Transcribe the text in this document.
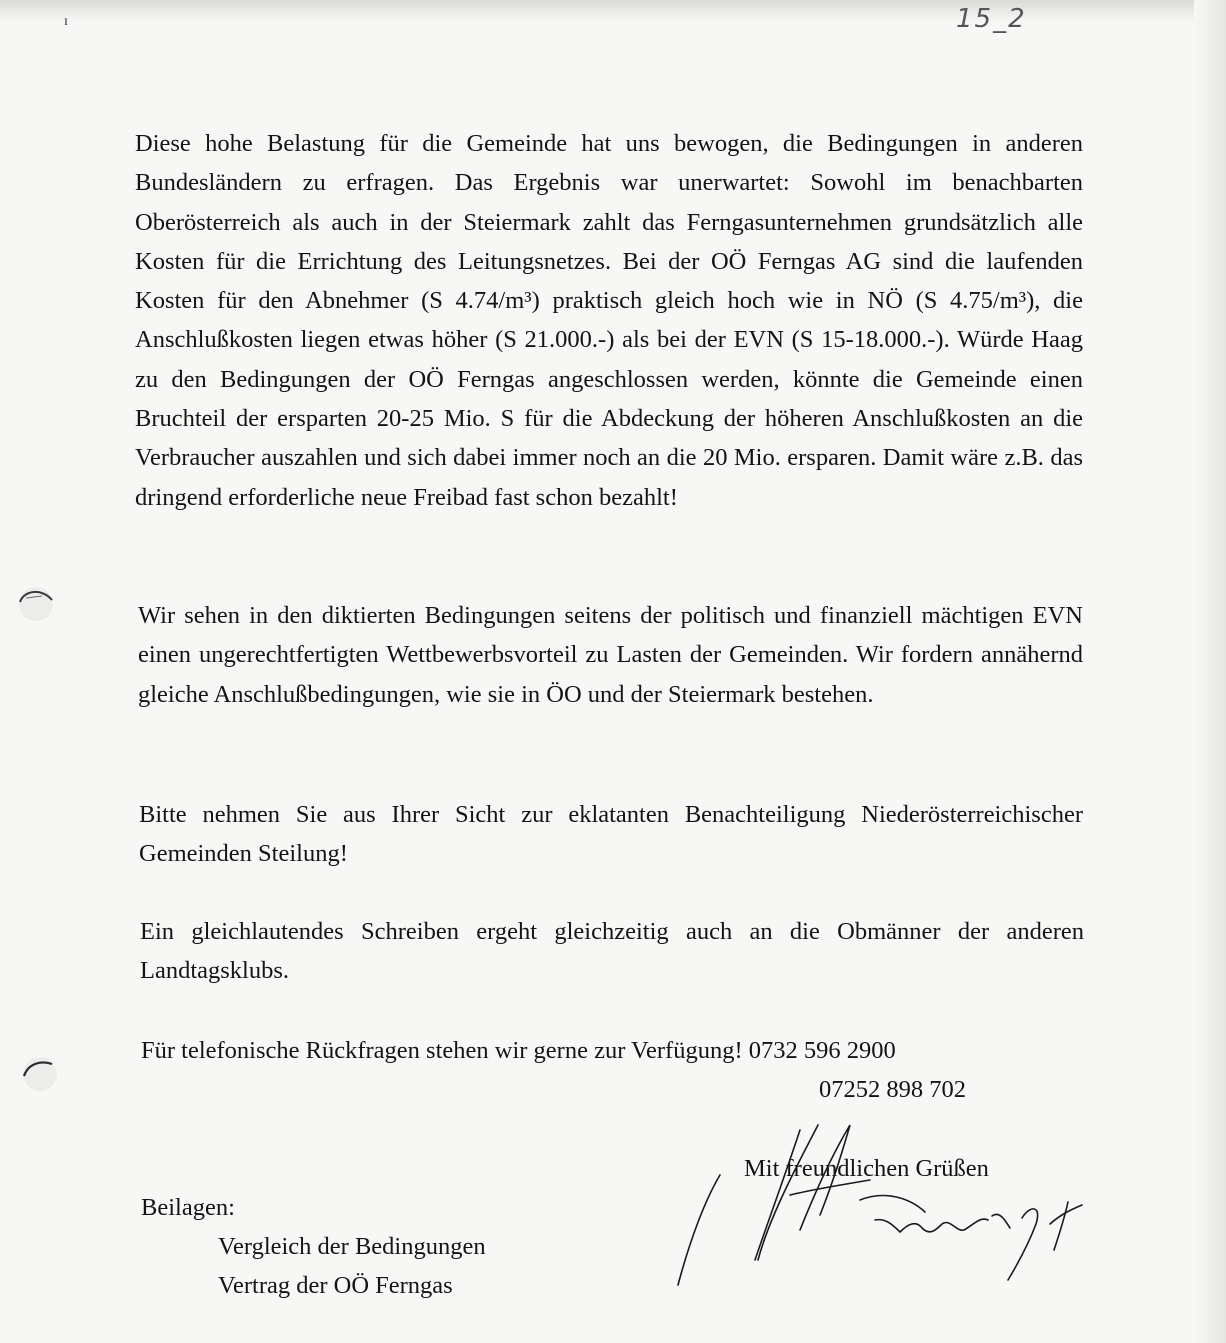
ɪ	15_2

Diese hohe Belastung für die Gemeinde hat uns bewogen, die Bedingungen in anderen Bundesländern zu erfragen. Das Ergebnis war unerwartet: Sowohl im benachbarten Oberösterreich als auch in der Steiermark zahlt das Ferngasunternehmen grundsätzlich alle Kosten für die Errichtung des Leitungsnetzes. Bei der OÖ Ferngas AG sind die laufenden Kosten für den Abnehmer (S 4.74/m³) praktisch gleich hoch wie in NÖ (S 4.75/m³), die Anschlußkosten liegen etwas höher (S 21.000.-) als bei der EVN (S 15-18.000.-). Würde Haag zu den Bedingungen der OÖ Ferngas angeschlossen werden, könnte die Gemeinde einen Bruchteil der ersparten 20-25 Mio. S für die Abdeckung der höheren Anschlußkosten an die Verbraucher auszahlen und sich dabei immer noch an die 20 Mio. ersparen. Damit wäre z.B. das dringend erforderliche neue Freibad fast schon bezahlt!

Wir sehen in den diktierten Bedingungen seitens der politisch und finanziell mächtigen EVN einen ungerechtfertigten Wettbewerbsvorteil zu Lasten der Gemeinden. Wir fordern annähernd gleiche Anschlußbedingungen, wie sie in ÖO und der Steiermark bestehen.

Bitte nehmen Sie aus Ihrer Sicht zur eklatanten Benachteiligung Niederösterreichischer Gemeinden Steilung!

Ein gleichlautendes Schreiben ergeht gleichzeitig auch an die Obmänner der anderen Landtagsklubs.

Für telefonische Rückfragen stehen wir gerne zur Verfügung! 0732 596 2900
07252 898 702
Mit freundlichen Grüßen
Beilagen:
Vergleich der Bedingungen
Vertrag der OÖ Ferngas
